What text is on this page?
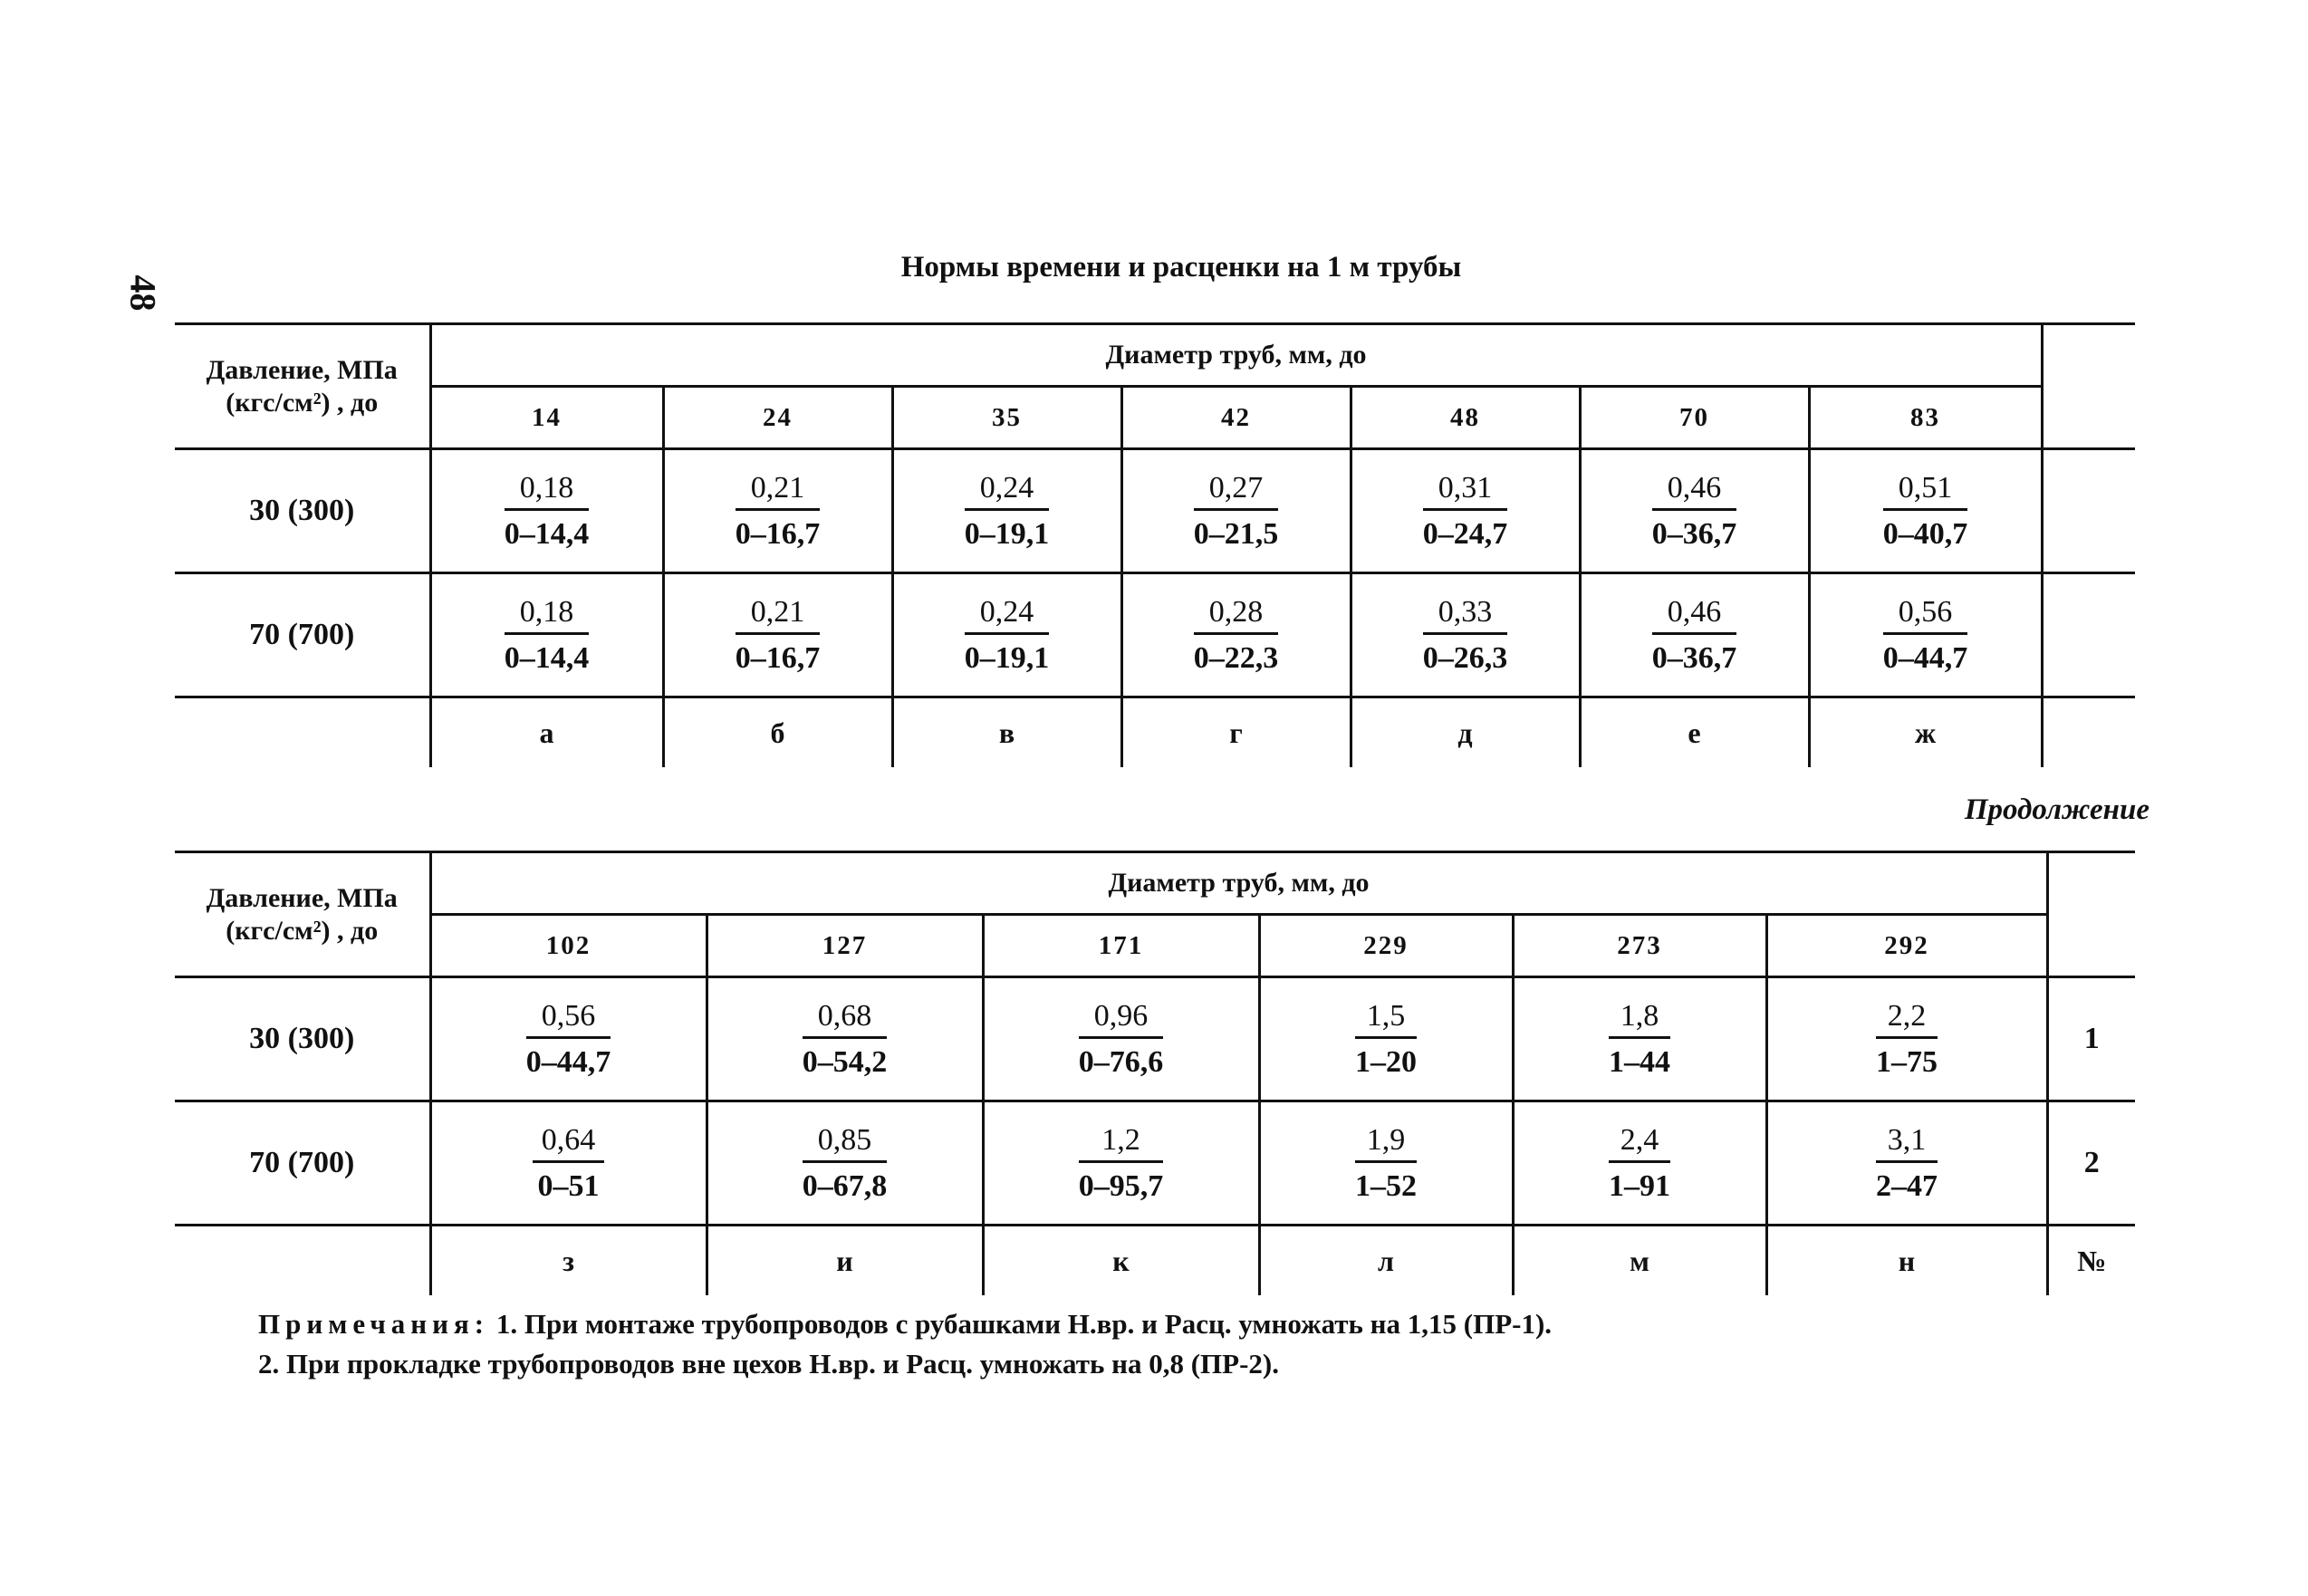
48
Нормы времени и расценки на 1 м трубы
Давление, МПа
(кгс/см²) , до	Диаметр труб, мм, до							
	14	24	35	42	48	70	83	
30 (300)	$\frac{0,18}{0-14,4}$	$\frac{0,21}{0-16,7}$	$\frac{0,24}{0-19,1}$	$\frac{0,27}{0-21,5}$	$\frac{0,31}{0-24,7}$	$\frac{0,46}{0-36,7}$	$\frac{0,51}{0-40,7}$

70 (700)	$\frac{0,18}{0-14,4}$	$\frac{0,21}{0-16,7}$	$\frac{0,24}{0-19,1}$	$\frac{0,28}{0-22,3}$	$\frac{0,33}{0-26,3}$	$\frac{0,46}{0-36,7}$	$\frac{0,56}{0-44,7}$

	а	б	в	г	д	е	ж	
Продолжение
Давление, МПа
(кгс/см²) , до	Диаметр труб, мм, до						
	102	127	171	229	273	292	
30 (300)	$\frac{0,56}{0-44,7}$	$\frac{0,68}{0-54,2}$	$\frac{0,96}{0-76,6}$	$\frac{1,5}{1-20}$	$\frac{1,8}{1-44}$	$\frac{2,2}{1-75}$	1
70 (700)	$\frac{0,64}{0-51}$	$\frac{0,85}{0-67,8}$	$\frac{1,2}{0-95,7}$	$\frac{1,9}{1-52}$	$\frac{2,4}{1-91}$	$\frac{3,1}{2-47}$	2
	з	и	к	л	м	н	№
Примечания: 1. При монтаже трубопроводов с рубашками Н.вр. и Расц. умножать на 1,15 (ПР-1).
2. При прокладке трубопроводов вне цехов Н.вр. и Расц. умножать на 0,8 (ПР-2).
